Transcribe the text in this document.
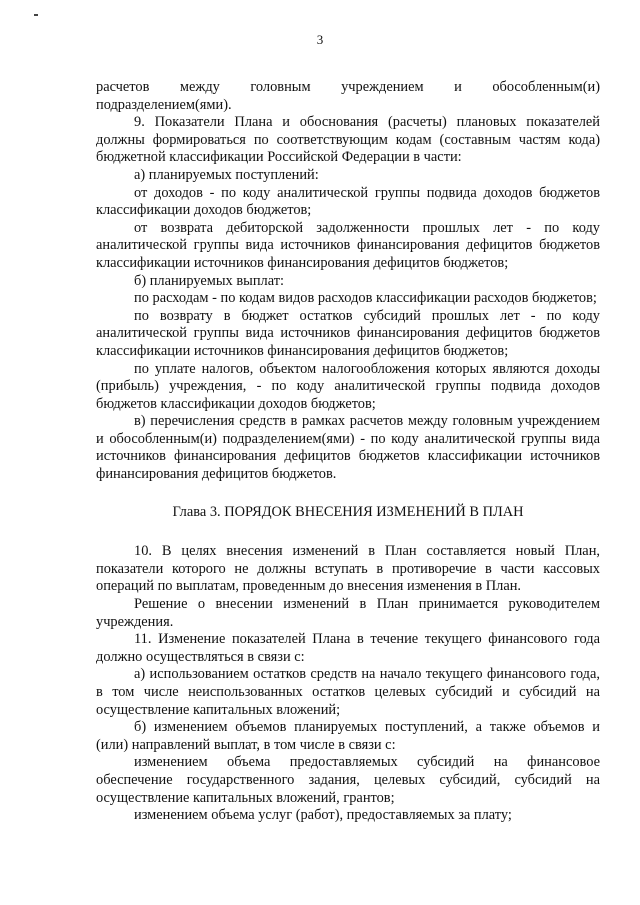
3

расчетов между головным учреждением и обособленным(и) подразделением(ями).

9. Показатели Плана и обоснования (расчеты) плановых показателей должны формироваться по соответствующим кодам (составным частям кода) бюджетной классификации Российской Федерации в части:

а) планируемых поступлений:

от доходов - по коду аналитической группы подвида доходов бюджетов классификации доходов бюджетов;

от возврата дебиторской задолженности прошлых лет - по коду аналитической группы вида источников финансирования дефицитов бюджетов классификации источников финансирования дефицитов бюджетов;

б) планируемых выплат:

по расходам - по кодам видов расходов классификации расходов бюджетов;

по возврату в бюджет остатков субсидий прошлых лет - по коду аналитической группы вида источников финансирования дефицитов бюджетов классификации источников финансирования дефицитов бюджетов;

по уплате налогов, объектом налогообложения которых являются доходы (прибыль) учреждения, - по коду аналитической группы подвида доходов бюджетов классификации доходов бюджетов;

в) перечисления средств в рамках расчетов между головным учреждением и обособленным(и) подразделением(ями) - по коду аналитической группы вида источников финансирования дефицитов бюджетов классификации источников финансирования дефицитов бюджетов.

Глава 3. ПОРЯДОК ВНЕСЕНИЯ ИЗМЕНЕНИЙ В ПЛАН

10. В целях внесения изменений в План составляется новый План, показатели которого не должны вступать в противоречие в части кассовых операций по выплатам, проведенным до внесения изменения в План.

Решение о внесении изменений в План принимается руководителем учреждения.

11. Изменение показателей Плана в течение текущего финансового года должно осуществляться в связи с:

а) использованием остатков средств на начало текущего финансового года, в том числе неиспользованных остатков целевых субсидий и субсидий на осуществление капитальных вложений;

б) изменением объемов планируемых поступлений, а также объемов и (или) направлений выплат, в том числе в связи с:

изменением объема предоставляемых субсидий на финансовое обеспечение государственного задания, целевых субсидий, субсидий на осуществление капитальных вложений, грантов;

изменением объема услуг (работ), предоставляемых за плату;
